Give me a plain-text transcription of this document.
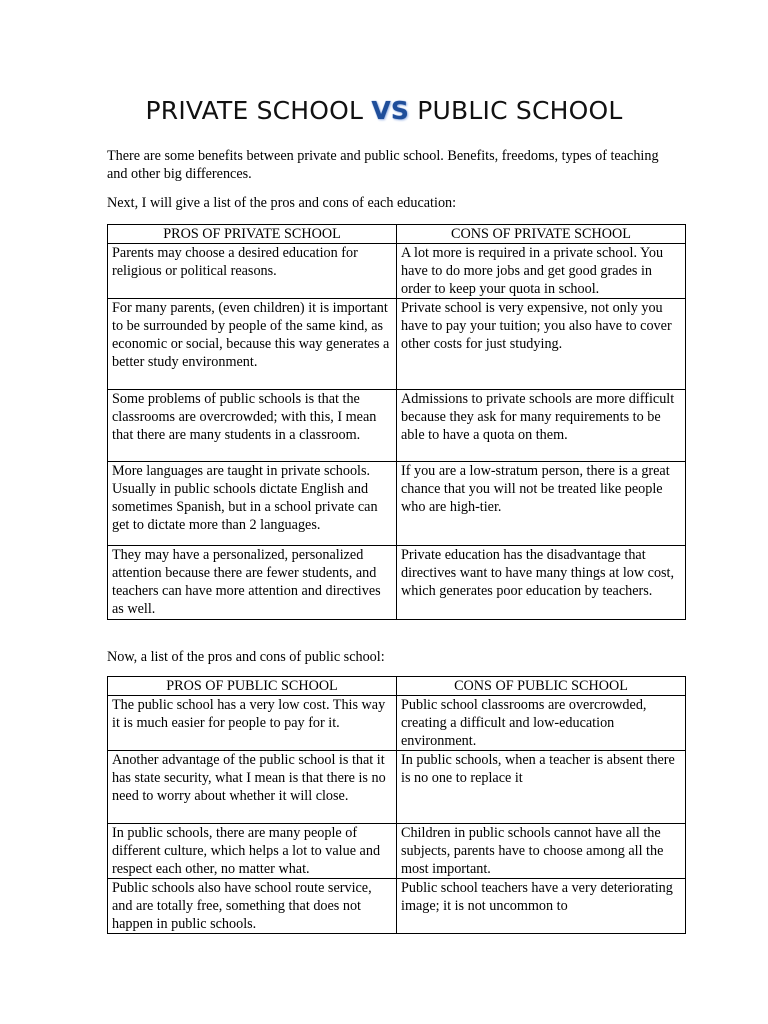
PRIVATE SCHOOL VS PUBLIC SCHOOL
There are some benefits between private and public school. Benefits, freedoms, types of teaching and other big differences.
Next, I will give a list of the pros and cons of each education:
PROS OF PRIVATE SCHOOL	CONS OF PRIVATE SCHOOL
Parents may choose a desired education for religious or political reasons.	A lot more is required in a private school. You have to do more jobs and get good grades in order to keep your quota in school.
For many parents, (even children) it is important to be surrounded by people of the same kind, as economic or social, because this way generates a better study environment.	Private school is very expensive, not only you have to pay your tuition; you also have to cover other costs for just studying.
Some problems of public schools is that the classrooms are overcrowded; with this, I mean that there are many students in a classroom.	Admissions to private schools are more difficult because they ask for many requirements to be able to have a quota on them.
More languages are taught in private schools. Usually in public schools dictate English and sometimes Spanish, but in a school private can get to dictate more than 2 languages.	If you are a low-stratum person, there is a great chance that you will not be treated like people who are high-tier.
They may have a personalized, personalized attention because there are fewer students, and teachers can have more attention and directives as well.	Private education has the disadvantage that directives want to have many things at low cost, which generates poor education by teachers.
Now, a list of the pros and cons of public school:
PROS OF PUBLIC SCHOOL	CONS OF PUBLIC SCHOOL
The public school has a very low cost. This way it is much easier for people to pay for it.	Public school classrooms are overcrowded, creating a difficult and low-education environment.
Another advantage of the public school is that it has state security, what I mean is that there is no need to worry about whether it will close.	In public schools, when a teacher is absent there is no one to replace it
In public schools, there are many people of different culture, which helps a lot to value and respect each other, no matter what.	Children in public schools cannot have all the subjects, parents have to choose among all the most important.
Public schools also have school route service, and are totally free, something that does not happen in public schools.	Public school teachers have a very deteriorating image; it is not uncommon to
